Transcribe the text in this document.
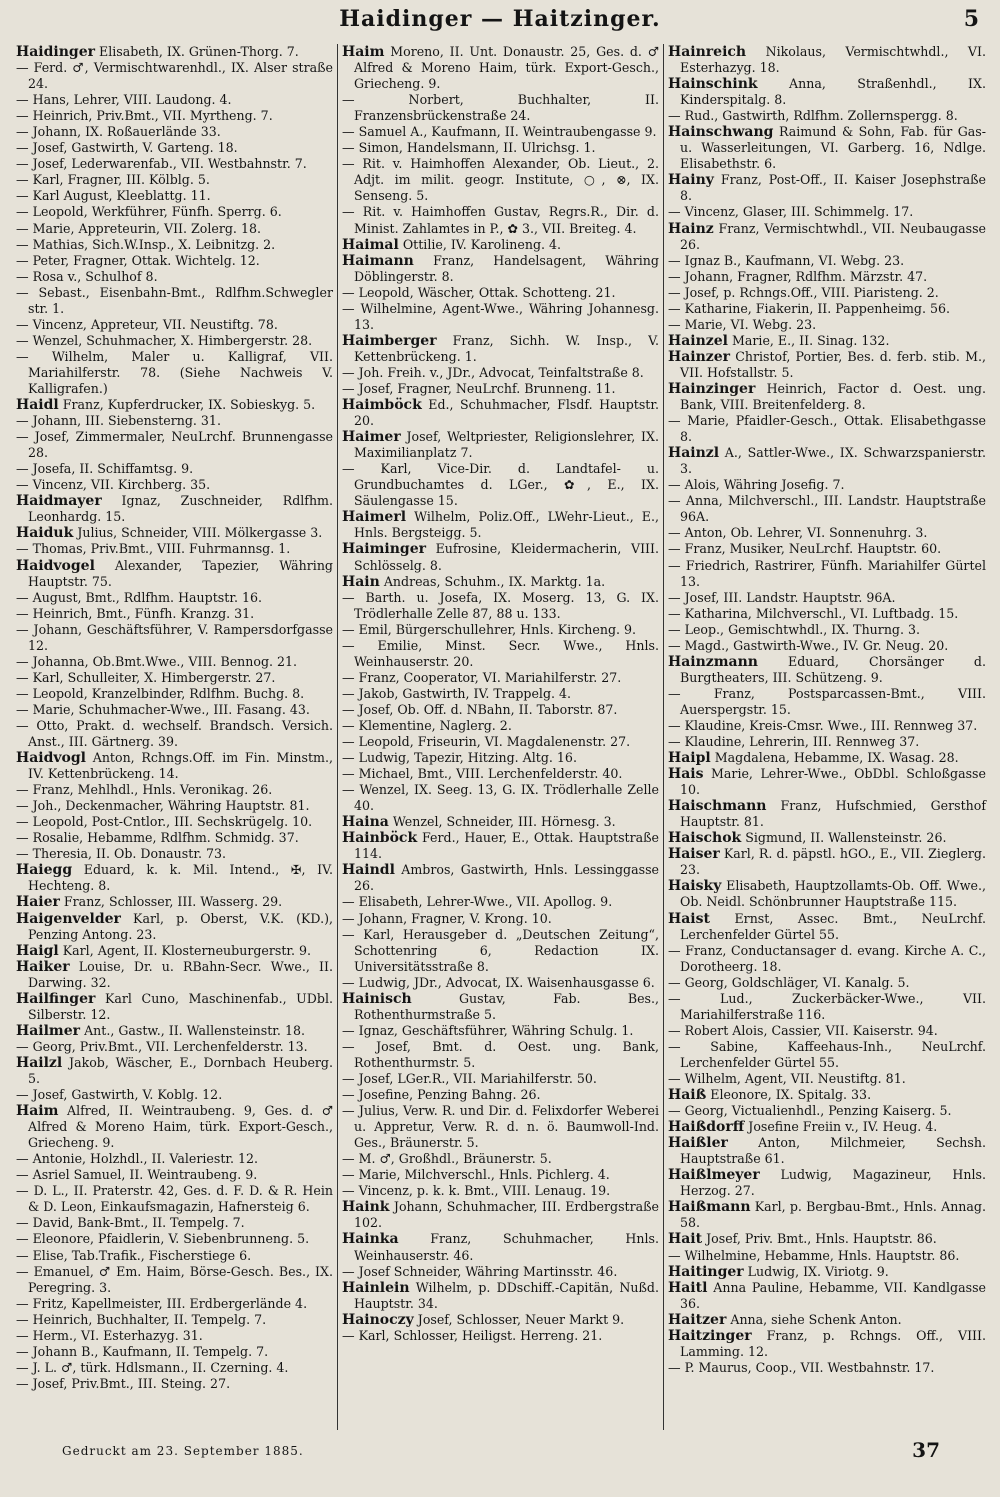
Haidinger — Haitzinger.	5
Haidinger Elisabeth, IX. Grünen-Thorg. 7.
— Ferd. ♂, Vermischtwarenhdl., IX. Alser straße 24.
— Hans, Lehrer, VIII. Laudong. 4.
— Heinrich, Priv.Bmt., VII. Myrtheng. 7.
— Johann, IX. Roßauerlände 33.
— Josef, Gastwirth, V. Garteng. 18.
— Josef, Lederwarenfab., VII. Westbahnstr. 7.
— Karl, Fragner, III. Kölblg. 5.
— Karl August, Kleeblattg. 11.
— Leopold, Werkführer, Fünfh. Sperrg. 6.
— Marie, Appreteurin, VII. Zolerg. 18.
— Mathias, Sich.W.Insp., X. Leibnitzg. 2.
— Peter, Fragner, Ottak. Wichtelg. 12.
— Rosa v., Schulhof 8.
— Sebast., Eisenbahn-Bmt., Rdlfhm.Schwegler str. 1.
— Vincenz, Appreteur, VII. Neustiftg. 78.
— Wenzel, Schuhmacher, X. Himbergerstr. 28.
— Wilhelm, Maler u. Kalligraf, VII. Mariahilferstr. 78. (Siehe Nachweis V. Kalligrafen.)
Haidl Franz, Kupferdrucker, IX. Sobieskyg. 5.
— Johann, III. Siebensterng. 31.
— Josef, Zimmermaler, NeuLrchf. Brunnengasse 28.
— Josefa, II. Schiffamtsg. 9.
— Vincenz, VII. Kirchberg. 35.
Haidmayer Ignaz, Zuschneider, Rdlfhm. Leonhardg. 15.
Haiduk Julius, Schneider, VIII. Mölkergasse 3.
— Thomas, Priv.Bmt., VIII. Fuhrmannsg. 1.
Haidvogel Alexander, Tapezier, Währing Hauptstr. 75.
— August, Bmt., Rdlfhm. Hauptstr. 16.
— Heinrich, Bmt., Fünfh. Kranzg. 31.
— Johann, Geschäftsführer, V. Rampersdorfgasse 12.
— Johanna, Ob.Bmt.Wwe., VIII. Bennog. 21.
— Karl, Schulleiter, X. Himbergerstr. 27.
— Leopold, Kranzelbinder, Rdlfhm. Buchg. 8.
— Marie, Schuhmacher-Wwe., III. Fasang. 43.
— Otto, Prakt. d. wechself. Brandsch. Versich. Anst., III. Gärtnerg. 39.
Haidvogl Anton, Rchngs.Off. im Fin. Minstm., IV. Kettenbrückeng. 14.
— Franz, Mehlhdl., Hnls. Veronikag. 26.
— Joh., Deckenmacher, Währing Hauptstr. 81.
— Leopold, Post-Cntlor., III. Sechskrügelg. 10.
— Rosalie, Hebamme, Rdlfhm. Schmidg. 37.
— Theresia, II. Ob. Donaustr. 73.
Haiegg Eduard, k. k. Mil. Intend., ✠, IV. Hechteng. 8.
Haier Franz, Schlosser, III. Wasserg. 29.
Haigenvelder Karl, p. Oberst, V.K. (KD.), Penzing Antong. 23.
Haigl Karl, Agent, II. Klosterneuburgerstr. 9.
Haiker Louise, Dr. u. RBahn-Secr. Wwe., II. Darwing. 32.
Hailfinger Karl Cuno, Maschinenfab., UDbl. Silberstr. 12.
Hailmer Ant., Gastw., II. Wallensteinstr. 18.
— Georg, Priv.Bmt., VII. Lerchenfelderstr. 13.
Hailzl Jakob, Wäscher, E., Dornbach Heuberg. 5.
— Josef, Gastwirth, V. Koblg. 12.
Haim Alfred, II. Weintraubeng. 9, Ges. d. ♂ Alfred & Moreno Haim, türk. Export-Gesch., Griecheng. 9.
— Antonie, Holzhdl., II. Valeriestr. 12.
— Asriel Samuel, II. Weintraubeng. 9.
— D. L., II. Praterstr. 42, Ges. d. F. D. & R. Hein & D. Leon, Einkaufsmagazin, Hafnersteig 6.
— David, Bank-Bmt., II. Tempelg. 7.
— Eleonore, Pfaidlerin, V. Siebenbrunneng. 5.
— Elise, Tab.Trafik., Fischerstiege 6.
— Emanuel, ♂ Em. Haim, Börse-Gesch. Bes., IX. Peregring. 3.
— Fritz, Kapellmeister, III. Erdbergerlände 4.
— Heinrich, Buchhalter, II. Tempelg. 7.
— Herm., VI. Esterhazyg. 31.
— Johann B., Kaufmann, II. Tempelg. 7.
— J. L. ♂, türk. Hdlsmann., II. Czerning. 4.
— Josef, Priv.Bmt., III. Steing. 27.
Haim Moreno, II. Unt. Donaustr. 25, Ges. d. ♂ Alfred & Moreno Haim, türk. Export-Gesch., Griecheng. 9.
— Norbert, Buchhalter, II. Franzensbrückenstraße 24.
— Samuel A., Kaufmann, II. Weintraubengasse 9.
— Simon, Handelsmann, II. Ulrichsg. 1.
— Rit. v. Haimhoffen Alexander, Ob. Lieut., 2. Adjt. im milit. geogr. Institute, ○, ⊗, IX. Senseng. 5.
— Rit. v. Haimhoffen Gustav, Regrs.R., Dir. d. Minist. Zahlamtes in P., ✿ 3., VII. Breiteg. 4.
Haimal Ottilie, IV. Karolineng. 4.
Haimann Franz, Handelsagent, Währing Döblingerstr. 8.
— Leopold, Wäscher, Ottak. Schotteng. 21.
— Wilhelmine, Agent-Wwe., Währing Johannesg. 13.
Haimberger Franz, Sichh. W. Insp., V. Kettenbrückeng. 1.
— Joh. Freih. v., JDr., Advocat, Teinfaltstraße 8.
— Josef, Fragner, NeuLrchf. Brunneng. 11.
Haimböck Ed., Schuhmacher, Flsdf. Hauptstr. 20.
Haimer Josef, Weltpriester, Religionslehrer, IX. Maximilianplatz 7.
— Karl, Vice-Dir. d. Landtafel- u. Grundbuchamtes d. LGer., ✿, E., IX. Säulengasse 15.
Haimerl Wilhelm, Poliz.Off., LWehr-Lieut., E., Hnls. Bergsteigg. 5.
Haiminger Eufrosine, Kleidermacherin, VIII. Schlösselg. 8.
Hain Andreas, Schuhm., IX. Marktg. 1a.
— Barth. u. Josefa, IX. Moserg. 13, G. IX. Trödlerhalle Zelle 87, 88 u. 133.
— Emil, Bürgerschullehrer, Hnls. Kircheng. 9.
— Emilie, Minst. Secr. Wwe., Hnls. Weinhauserstr. 20.
— Franz, Cooperator, VI. Mariahilferstr. 27.
— Jakob, Gastwirth, IV. Trappelg. 4.
— Josef, Ob. Off. d. NBahn, II. Taborstr. 87.
— Klementine, Naglerg. 2.
— Leopold, Friseurin, VI. Magdalenenstr. 27.
— Ludwig, Tapezir, Hitzing. Altg. 16.
— Michael, Bmt., VIII. Lerchenfelderstr. 40.
— Wenzel, IX. Seeg. 13, G. IX. Trödlerhalle Zelle 40.
Haina Wenzel, Schneider, III. Hörnesg. 3.
Hainböck Ferd., Hauer, E., Ottak. Hauptstraße 114.
Haindl Ambros, Gastwirth, Hnls. Lessinggasse 26.
— Elisabeth, Lehrer-Wwe., VII. Apollog. 9.
— Johann, Fragner, V. Krong. 10.
— Karl, Herausgeber d. „Deutschen Zeitung“, Schottenring 6, Redaction IX. Universitätsstraße 8.
— Ludwig, JDr., Advocat, IX. Waisenhausgasse 6.
Hainisch	Gustav, Fab. Bes., Rothenthurmstraße 5.
— Ignaz, Geschäftsführer, Währing Schulg. 1.
— Josef, Bmt. d. Oest. ung. Bank, Rothenthurmstr. 5.
— Josef, LGer.R., VII. Mariahilferstr. 50.
— Josefine, Penzing Bahng. 26.
— Julius, Verw. R. und Dir. d. Felixdorfer Weberei u. Appretur, Verw. R. d. n. ö. Baumwoll-Ind. Ges., Bräunerstr. 5.
— M. ♂, Großhdl., Bräunerstr. 5.
— Marie, Milchverschl., Hnls. Pichlerg. 4.
— Vincenz, p. k. k. Bmt., VIII. Lenaug. 19.
Haink Johann, Schuhmacher, III. Erdbergstraße 102.
Hainka	Franz, Schuhmacher, Hnls. Weinhauserstr. 46.
— Josef Schneider, Währing Martinsstr. 46.
Hainlein Wilhelm, p. DDschiff.-Capitän, Nußd. Hauptstr. 34.
Hainoczy Josef, Schlosser, Neuer Markt 9.
— Karl, Schlosser, Heiligst. Herreng. 21.
Hainreich Nikolaus, Vermischtwhdl., VI. Esterhazyg. 18.
Hainschink Anna, Straßenhdl., IX. Kinderspitalg. 8.
— Rud., Gastwirth, Rdlfhm. Zollernspergg. 8.
Hainschwang Raimund & Sohn, Fab. für Gas- u. Wasserleitungen, VI. Garberg. 16, Ndlge. Elisabethstr. 6.
Hainy Franz, Post-Off., II. Kaiser Josephstraße 8.
— Vincenz, Glaser, III. Schimmelg. 17.
Hainz Franz, Vermischtwhdl., VII. Neubaugasse 26.
— Ignaz B., Kaufmann, VI. Webg. 23.
— Johann, Fragner, Rdlfhm. Märzstr. 47.
— Josef, p. Rchngs.Off., VIII. Piaristeng. 2.
— Katharine, Fiakerin, II. Pappenheimg. 56.
— Marie, VI. Webg. 23.
Hainzel Marie, E., II. Sinag. 132.
Hainzer Christof, Portier, Bes. d. ferb. stib. M., VII. Hofstallstr. 5.
Hainzinger Heinrich, Factor d. Oest. ung. Bank, VIII. Breitenfelderg. 8.
— Marie, Pfaidler-Gesch., Ottak. Elisabethgasse 8.
Hainzl A., Sattler-Wwe., IX. Schwarzspanierstr. 3.
— Alois, Währing Josefig. 7.
— Anna, Milchverschl., III. Landstr. Hauptstraße 96A.
— Anton, Ob. Lehrer, VI. Sonnenuhrg. 3.
— Franz, Musiker, NeuLrchf. Hauptstr. 60.
— Friedrich, Rastrirer, Fünfh. Mariahilfer Gürtel 13.
— Josef, III. Landstr. Hauptstr. 96A.
— Katharina, Milchverschl., VI. Luftbadg. 15.
— Leop., Gemischtwhdl., IX. Thurng. 3.
— Magd., Gastwirth-Wwe., IV. Gr. Neug. 20.
Hainzmann Eduard, Chorsänger d. Burgtheaters, III. Schützeng. 9.
— Franz, Postsparcassen-Bmt., VIII. Auerspergstr. 15.
— Klaudine, Kreis-Cmsr. Wwe., III. Rennweg 37.
— Klaudine, Lehrerin, III. Rennweg 37.
Haipl Magdalena, Hebamme, IX. Wasag. 28.
Hais Marie, Lehrer-Wwe., ObDbl. Schloßgasse 10.
Haischmann Franz, Hufschmied, Gersthof Hauptstr. 81.
Haischok Sigmund, II. Wallensteinstr. 26.
Haiser Karl, R. d. päpstl. hGO., E., VII. Zieglerg. 23.
Haisky Elisabeth, Hauptzollamts-Ob. Off. Wwe., Ob. Neidl. Schönbrunner Hauptstraße 115.
Haist Ernst, Assec. Bmt., NeuLrchf. Lerchenfelder Gürtel 55.
— Franz, Conductansager d. evang. Kirche A. C., Dorotheerg. 18.
— Georg, Goldschläger, VI. Kanalg. 5.
— Lud., Zuckerbäcker-Wwe., VII. Mariahilferstraße 116.
— Robert Alois, Cassier, VII. Kaiserstr. 94.
— Sabine, Kaffeehaus-Inh., NeuLrchf. Lerchenfelder Gürtel 55.
— Wilhelm, Agent, VII. Neustiftg. 81.
Haiß Eleonore, IX. Spitalg. 33.
— Georg, Victualienhdl., Penzing Kaiserg. 5.
Haißdorff Josefine Freiin v., IV. Heug. 4.
Haißler Anton, Milchmeier, Sechsh. Hauptstraße 61.
Haißlmeyer Ludwig, Magazineur, Hnls. Herzog. 27.
Haißmann Karl, p. Bergbau-Bmt., Hnls. Annag. 58.
Hait Josef, Priv. Bmt., Hnls. Hauptstr. 86.
— Wilhelmine, Hebamme, Hnls. Hauptstr. 86.
Haitinger Ludwig, IX. Viriotg. 9.
Haitl Anna Pauline, Hebamme, VII. Kandlgasse 36.
Haitzer Anna, siehe Schenk Anton.
Haitzinger Franz, p. Rchngs. Off., VIII. Lamming. 12.
— P. Maurus, Coop., VII. Westbahnstr. 17.
Gedruckt am 23. September 1885.	37
